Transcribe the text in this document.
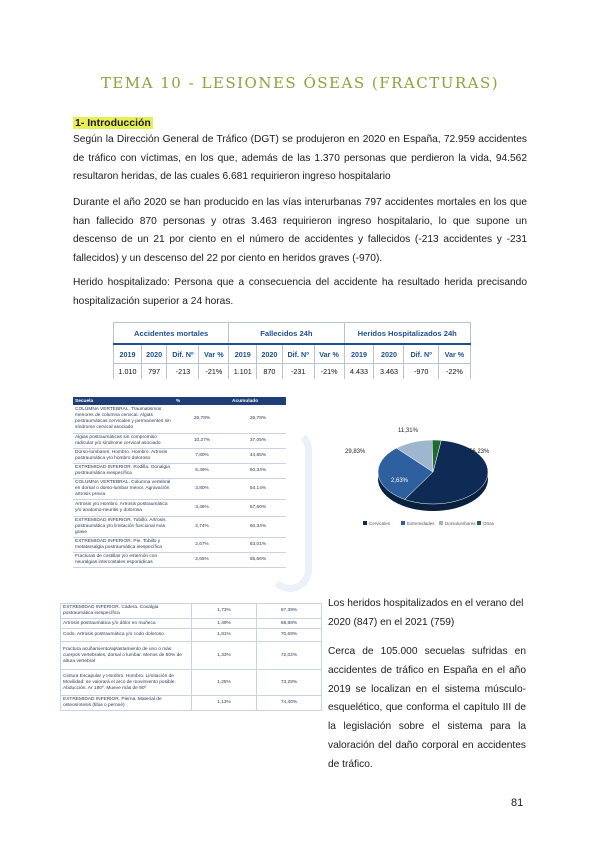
TEMA 10 - LESIONES ÓSEAS (FRACTURAS)
1- Introducción
Según la Dirección General de Tráfico (DGT) se produjeron en 2020 en España, 72.959 accidentes de tráfico con víctimas, en los que, además de las 1.370 personas que perdieron la vida, 94.562 resultaron heridas, de las cuales 6.681 requirieron ingreso hospitalario
Durante el año 2020 se han producido en las vías interurbanas 797 accidentes mortales en los que han fallecido 870 personas y otras 3.463 requirieron ingreso hospitalario, lo que supone un descenso de un 21 por ciento en el número de accidentes y fallecidos (-213 accidentes y -231 fallecidos) y un descenso del 22 por ciento en heridos graves (-970).
Herido hospitalizado: Persona que a consecuencia del accidente ha resultado herida precisando hospitalización superior a 24 horas.
Accidentes mortales				Fallecidos 24h				Heridos Hospitalizados 24h			
2019	2020	Dif. Nº	Var %	2019	2020	Dif. Nº	Var %	2019	2020	Dif. Nº	Var %
1.010	797	-213	-21%	1.101	870	-231	-21%	4.433	3.463	-970	-22%
Secuela	%	Acumulado
COLUMNA VERTEBRAL. Traumatismos menores de columna cervical. Algias postraumáticas cervicales y permanentes sin síndrome cervical asociado	26,78%	26,78%
Algias postraumáticas sin compromiso radicular y/o síndrome cervical asociado	10,27%	37,05%
Dorso-lumbares. Hombro. Hombro. Artrosis postraumática y/o hombro doloroso	7,80%	44,85%
EXTREMIDAD INFERIOR. Rodilla. Gonalgia postraumática inespecífica	5,49%	50,34%
COLUMNA VERTEBRAL. Columna vertebral en dorsal o dorso-lumbar menor. Agravación artrosis previa	3,80%	54,14%
Artrosis y/o Hombro. Artrosis postraumática y/o anatomo-neuritis y dolorosa	3,46%	57,60%
EXTREMIDAD INFERIOR. Tobillo. Artrosis postraumática y/o limitación funcional más grave	2,74%	60,34%
EXTREMIDAD INFERIOR. Pie. Tobillo y metatarsalgia postraumática inespecífica	2,67%	63,01%
Fracturas de costillas y/o esternón con neuralgias intercostales esporádicas	2,65%	65,66%
56,23%
29,83%
11,31%
2,63%
Cervicales	Extremidades Dorsolumbares Otras
EXTREMIDAD INFERIOR. Cadera. Coxalgia postraumática inespecífica	1,73%	67,39%
Artrosis postraumática y/o dolor en muñeca	1,49%	68,88%
Codo. Artrosis postraumática y/o codo doloroso	1,81%	70,69%
Fractura acuñamiento/aplastamiento de uno o más cuerpos vertebrales, dorsal o lumbar. Menos de 50% de altura vertebral	1,33%	72,02%
Cintura Escapular y Hombro. Hombro. Limitación de Movilidad: se valorará el arco de movimiento posible. Abducción. Ar 180º. Mueve más de 90º	1,25%	73,28%
EXTREMIDAD INFERIOR. Pierna. Material de osteosíntesis (tibia o peroné)	1,13%	74,40%
Los heridos hospitalizados en el verano del 2020 (847) en el 2021 (759)
Cerca de 105.000 secuelas sufridas en accidentes de tráfico en España en el año 2019 se localizan en el sistema músculo-esquelético, que conforma el capítulo III de la legislación sobre el sistema para la valoración del daño corporal en accidentes de tráfico.
81
